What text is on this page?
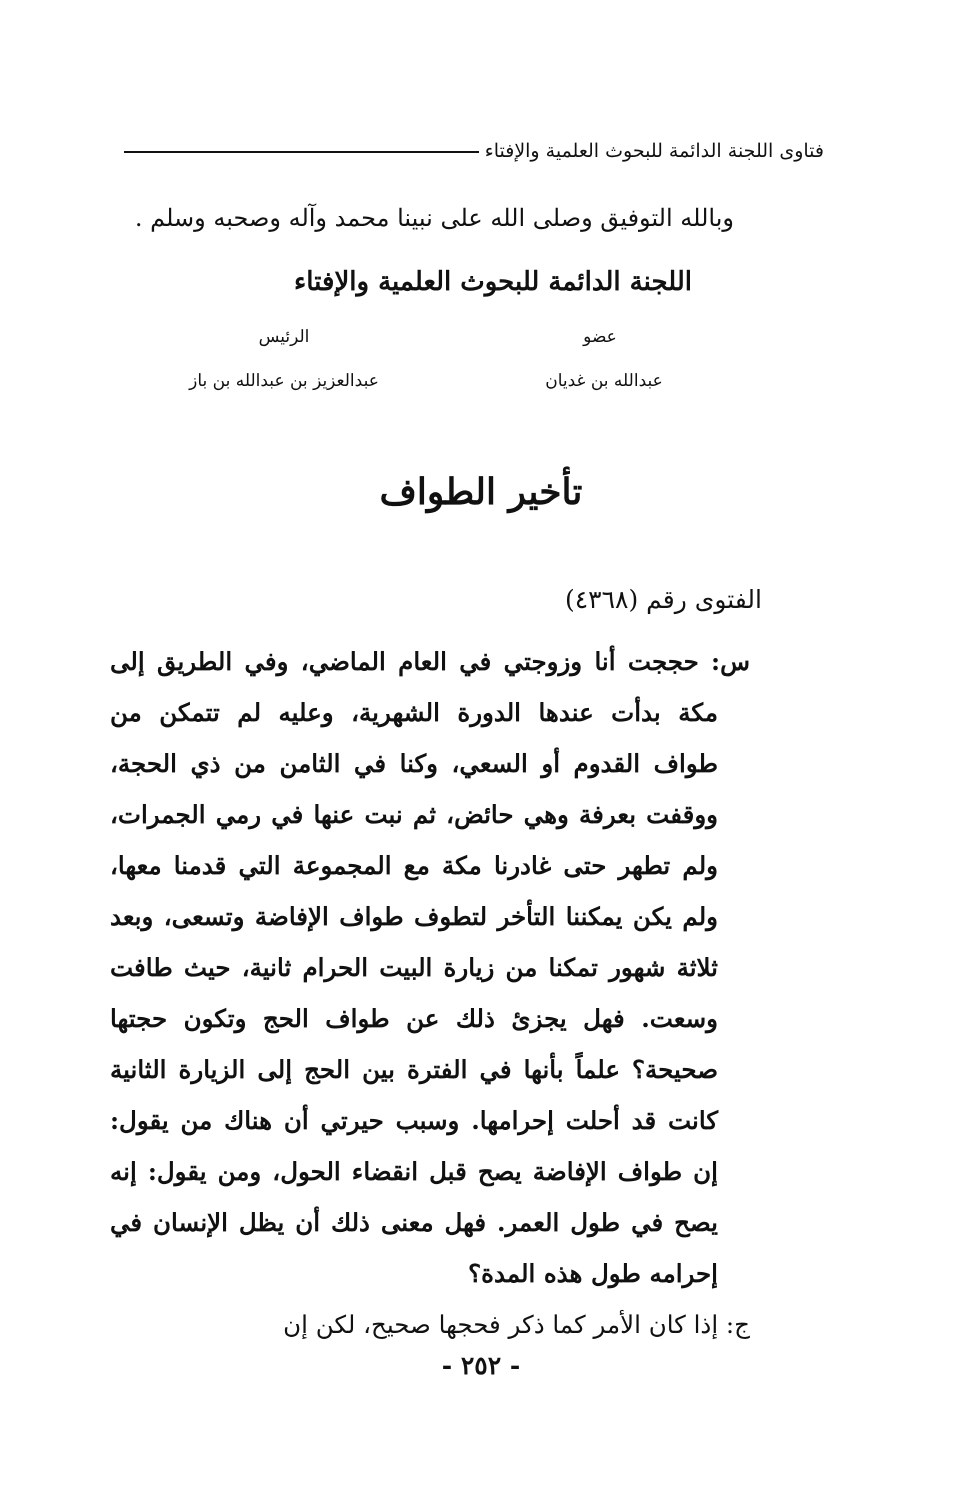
فتاوى اللجنة الدائمة للبحوث العلمية والإفتاء
وبالله التوفيق وصلى الله على نبينا محمد وآله وصحبه وسلم .
اللجنة الدائمة للبحوث العلمية والإفتاء
عضو
عبدالله بن غديان
الرئيس
عبدالعزيز بن عبدالله بن باز
تأخير الطواف
الفتوى رقم (٤٣٦٨)

س: حججت أنا وزوجتي في العام الماضي، وفي الطريق إلى مكة بدأت عندها الدورة الشهرية، وعليه لم تتمكن من طواف القدوم أو السعي، وكنا في الثامن من ذي الحجة، ووقفت بعرفة وهي حائض، ثم نبت عنها في رمي الجمرات، ولم تطهر حتى غادرنا مكة مع المجموعة التي قدمنا معها، ولم يكن يمكننا التأخر لتطوف طواف الإفاضة وتسعى، وبعد ثلاثة شهور تمكنا من زيارة البيت الحرام ثانية، حيث طافت وسعت. فهل يجزئ ذلك عن طواف الحج وتكون حجتها صحيحة؟ علماً بأنها في الفترة بين الحج إلى الزيارة الثانية كانت قد أحلت إحرامها. وسبب حيرتي أن هناك من يقول: إن طواف الإفاضة يصح قبل انقضاء الحول، ومن يقول: إنه يصح في طول العمر. فهل معنى ذلك أن يظل الإنسان في إحرامه طول هذه المدة؟

ج: إذا كان الأمر كما ذكر فحجها صحيح، لكن إن

- ٢٥٢ -
